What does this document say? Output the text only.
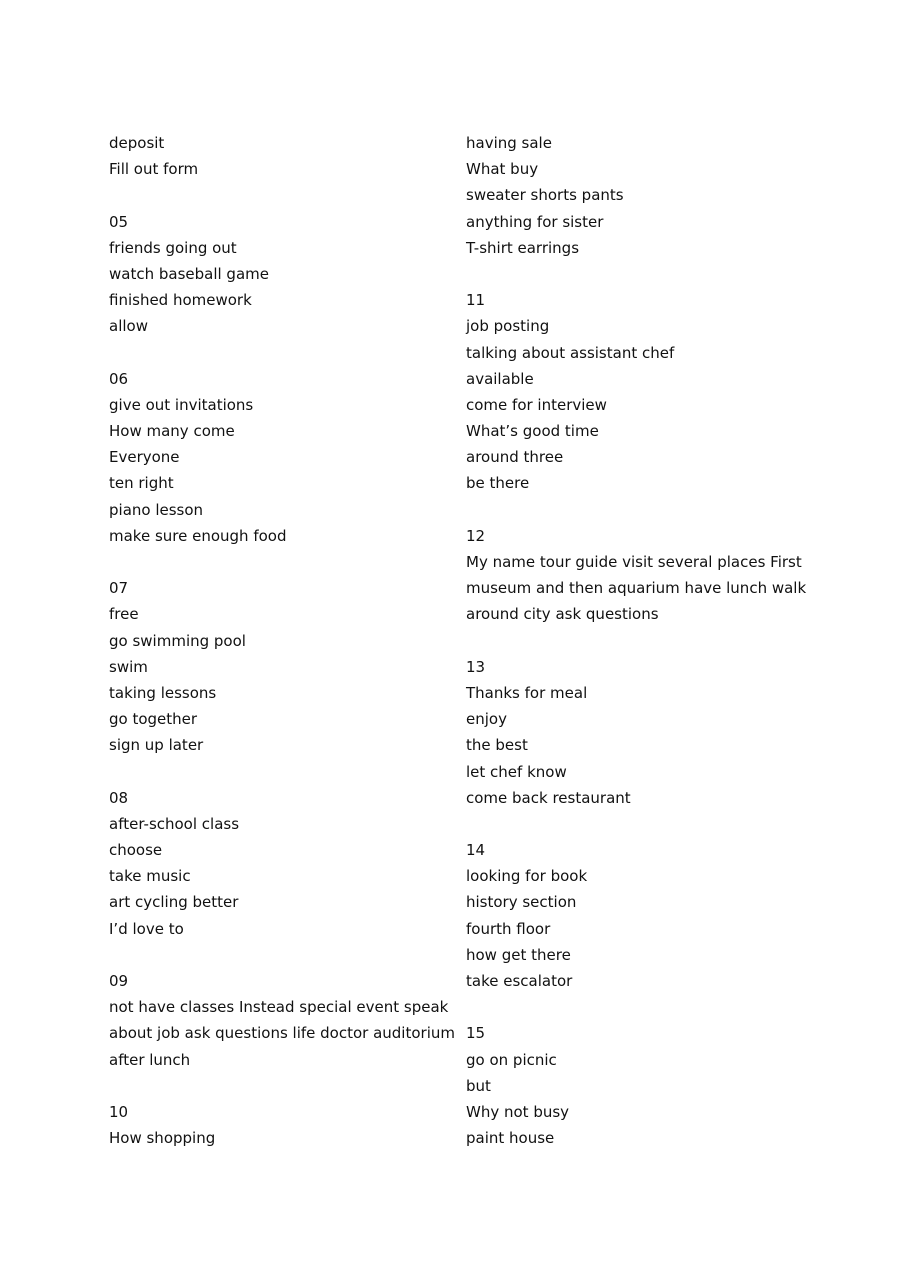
deposit
Fill out form
05
friends going out
watch baseball game
finished homework
allow
06
give out invitations
How many come
Everyone
ten right
piano lesson
make sure enough food
07
free
go swimming pool
swim
taking lessons
go together
sign up later
08
after-school class
choose
take music
art cycling better
I’d love to
09
not have classes Instead special event speak
about job ask questions life doctor auditorium
after lunch
10
How shopping
having sale
What buy
sweater shorts pants
anything for sister
T-shirt earrings
11
job posting
talking about assistant chef
available
come for interview
What’s good time
around three
be there
12
My name tour guide visit several places First
museum and then aquarium have lunch walk
around city ask questions
13
Thanks for meal
enjoy
the best
let chef know
come back restaurant
14
looking for book
history section
fourth floor
how get there
take escalator
15
go on picnic
but
Why not busy
paint house
